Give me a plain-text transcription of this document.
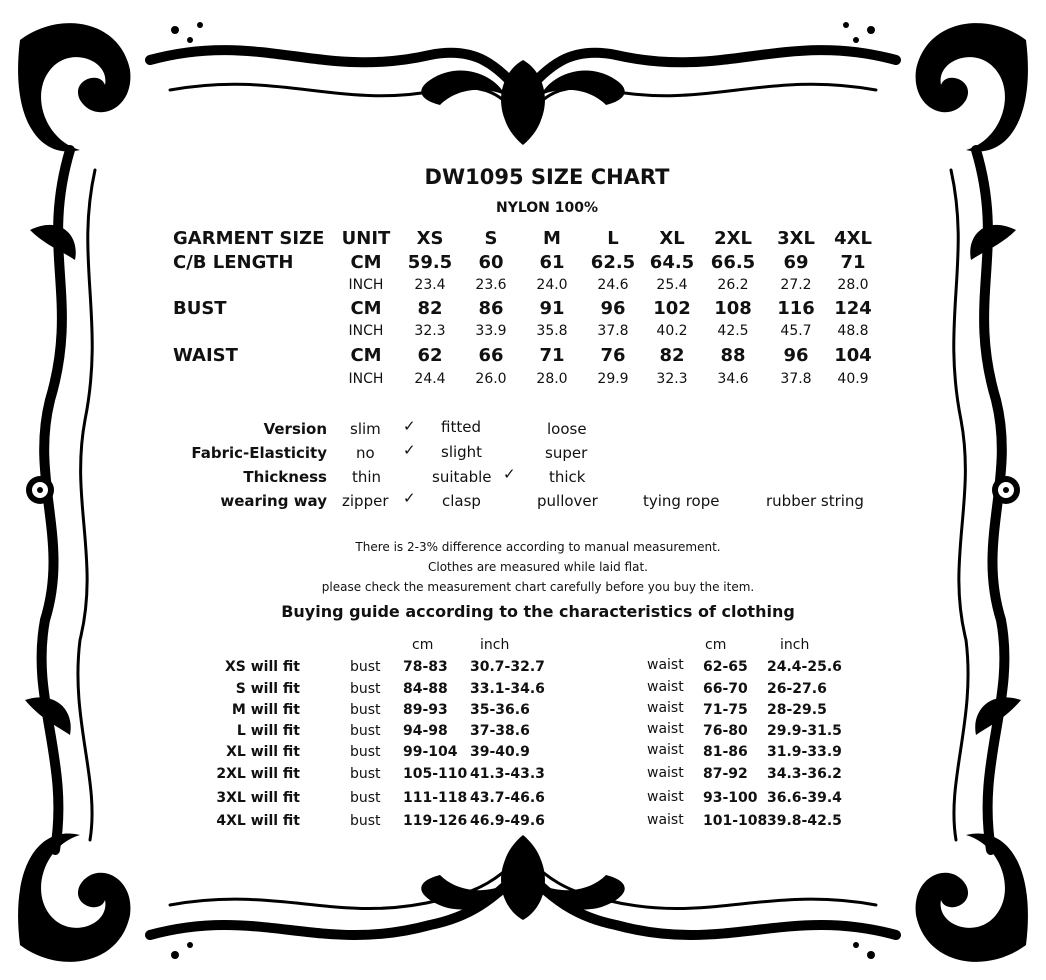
DW1095 SIZE CHART
NYLON 100%
GARMENT SIZE UNIT XS S	M	L XL 2XL 3XL 4XL
C/B LENGTH	CM 59.5 60 61 62.5 64.5 66.5 69 71
INCH 23.4 23.6 24.0 24.6 25.4 26.2 27.2 28.0
BUST	CM 82 86 91 96 102 108 116 124
INCH 32.3 33.9 35.8 37.8 40.2 42.5 45.7 48.8
WAIST	CM 62 66 71 76 82 88 96 104
INCH 24.4 26.0 28.0 29.9 32.3 34.6 37.8 40.9
Version slim ✓ fitted	loose
Fabric-Elasticity no ✓ slight	super
Thickness thin	suitable ✓ thick
wearing way zipper ✓ clasp	pullover	tying rope	rubber string
There is 2-3% difference according to manual measurement.
Clothes are measured while laid flat.
please check the measurement chart carefully before you buy the item.
Buying guide according to the characteristics of clothing
cm	inch	cm	inch
XS will fit	bust 78-83 30.7-32.7	waist 62-65 24.4-25.6
S will fit	bust 84-88 33.1-34.6	waist 66-70 26-27.6
M will fit	bust 89-93 35-36.6	waist 71-75 28-29.5
L will fit	bust 94-98 37-38.6	waist 76-80 29.9-31.5
XL will fit	bust 99-104 39-40.9	waist 81-86 31.9-33.9
2XL will fit	bust 105-110 41.3-43.3	waist 87-92 34.3-36.2
3XL will fit	bust 111-118 43.7-46.6	waist 93-100 36.6-39.4
4XL will fit	bust 119-126 46.9-49.6	waist 101-108 39.8-42.5
